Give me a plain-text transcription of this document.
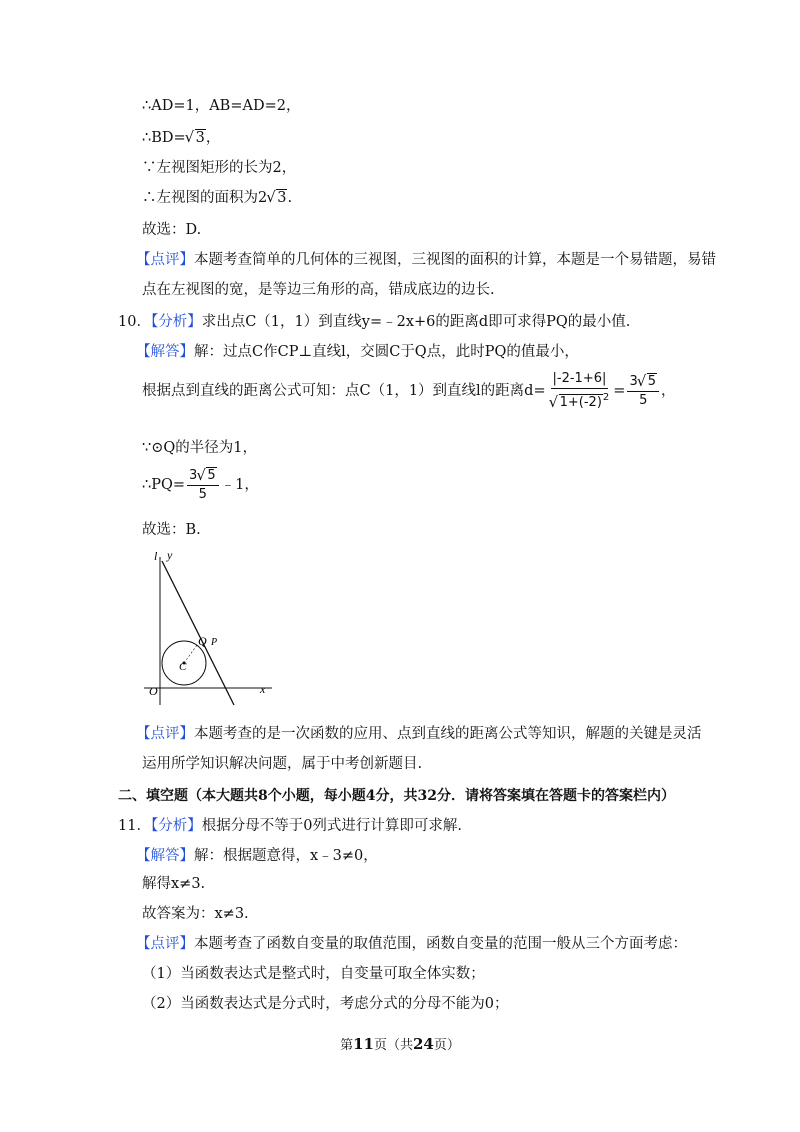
∴AD=1，AB=AD=2，
∴BD= √ 3，
∵左视图矩形的长为2，
∴左视图的面积为2 √ 3.
故选：D.
【点评】本题考查简单的几何体的三视图，三视图的面积的计算，本题是一个易错题，易错
点在左视图的宽，是等边三角形的高，错成底边的边长.
10．【分析】求出点C（1，1）到直线y=﹣2x+6的距离d即可求得PQ的最小值.
【解答】解：过点C作CP⊥直线l，交圆C于Q点，此时PQ的值最小，
根据点到直线的距离公式可知：点C（1，1）到直线l的距离d= |-2-1+6|
√ $1+(-2)^2 = \frac{3 √ 5}{5}$ ，
∵⊙Q的半径为1，
∴PQ= $\frac{3 √ 5}{5}$ ﹣1，
故选：B.
l y
Q P
C
O	x
【点评】本题考查的是一次函数的应用、点到直线的距离公式等知识，解题的关键是灵活
运用所学知识解决问题，属于中考创新题目.
二、填空题（本大题共8个小题，每小题4分，共32分．请将答案填在答题卡的答案栏内）
11．【分析】根据分母不等于0列式进行计算即可求解.
【解答】解：根据题意得，x﹣3≠0，
解得x≠3.
故答案为：x≠3.
【点评】本题考查了函数自变量的取值范围，函数自变量的范围一般从三个方面考虑：
（1）当函数表达式是整式时，自变量可取全体实数；
（2）当函数表达式是分式时，考虑分式的分母不能为0；
第11页（共24页）
